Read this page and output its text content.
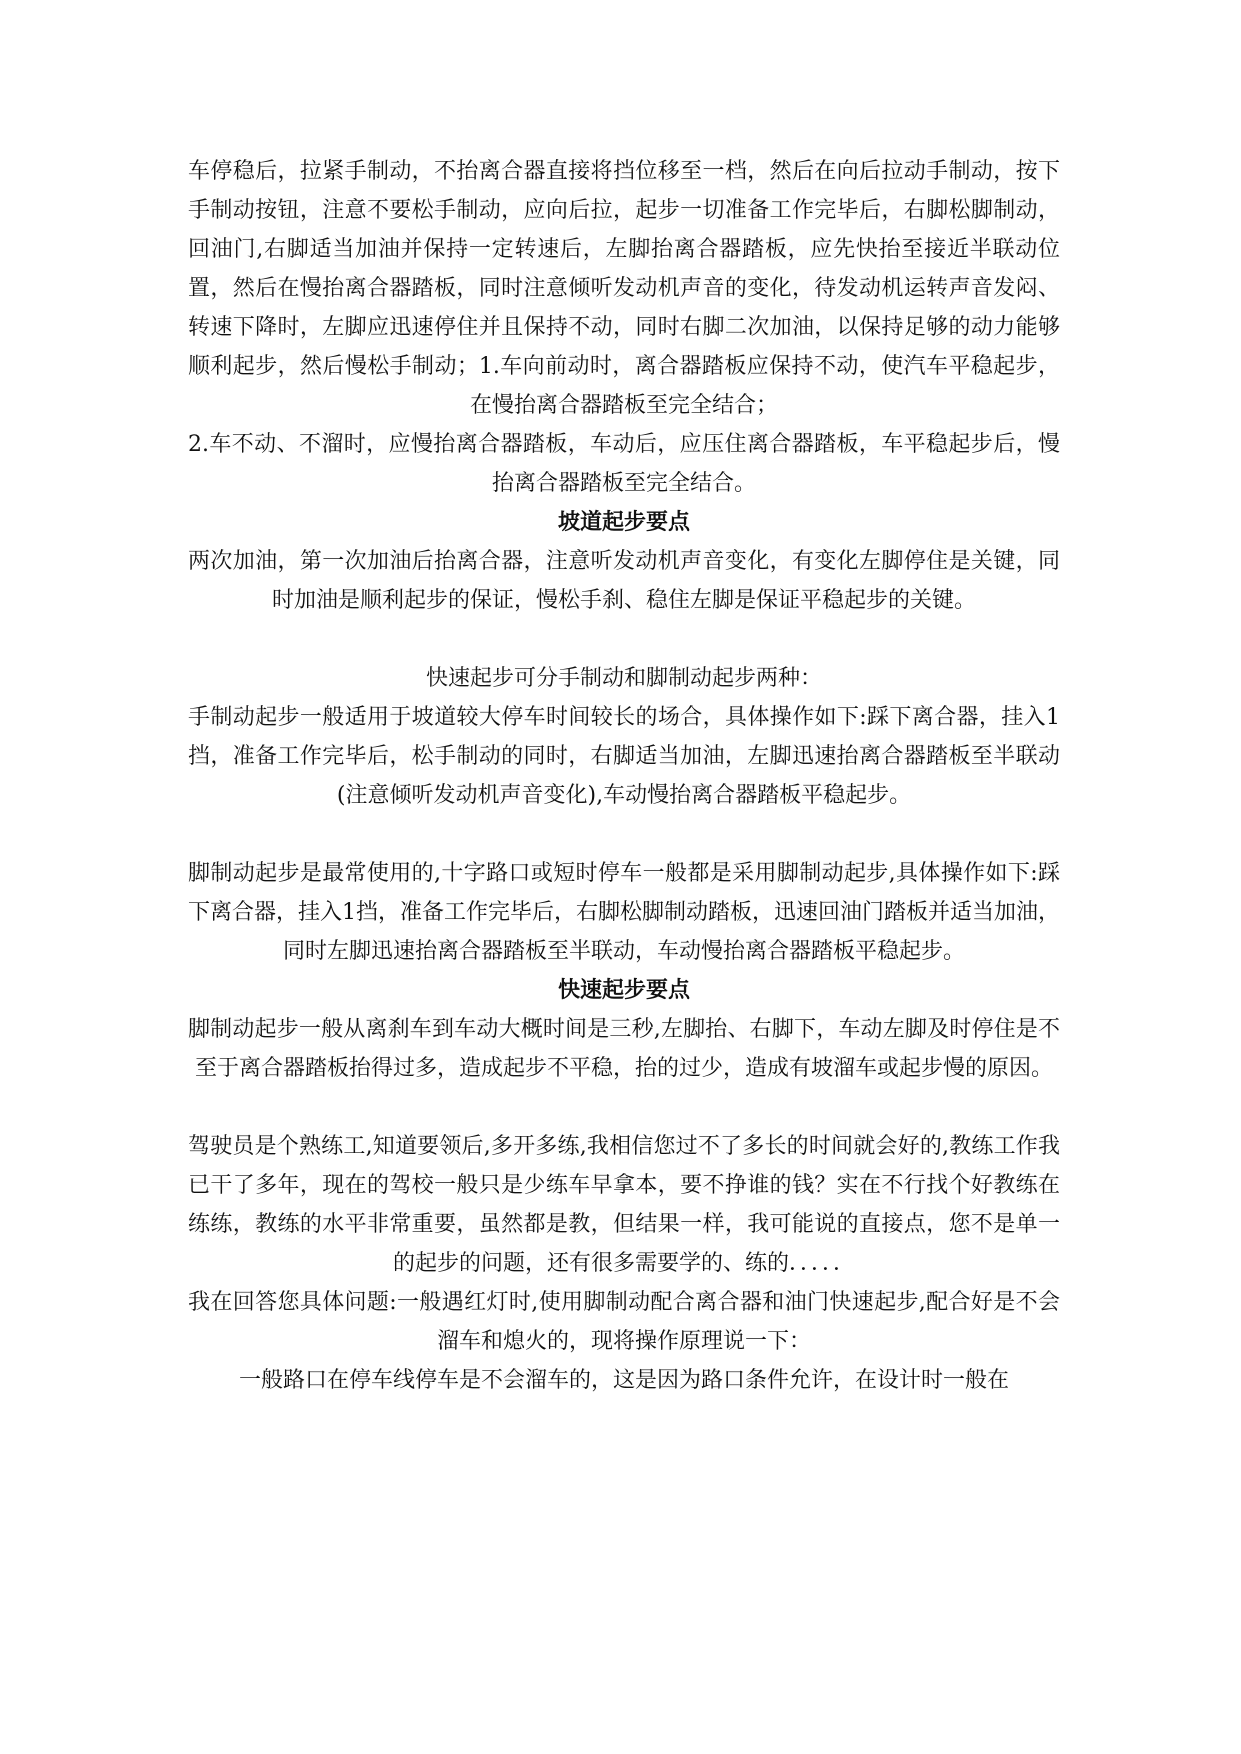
车停稳后，拉紧手制动，不抬离合器直接将挡位移至一档，然后在向后拉动手制动，按下手制动按钮，注意不要松手制动，应向后拉，起步一切准备工作完毕后，右脚松脚制动，回油门,右脚适当加油并保持一定转速后，左脚抬离合器踏板，应先快抬至接近半联动位置，然后在慢抬离合器踏板，同时注意倾听发动机声音的变化，待发动机运转声音发闷、转速下降时，左脚应迅速停住并且保持不动，同时右脚二次加油，以保持足够的动力能够顺利起步，然后慢松手制动；1.车向前动时，离合器踏板应保持不动，使汽车平稳起步，在慢抬离合器踏板至完全结合；
2.车不动、不溜时，应慢抬离合器踏板，车动后，应压住离合器踏板，车平稳起步后，慢抬离合器踏板至完全结合。
坡道起步要点
两次加油，第一次加油后抬离合器，注意听发动机声音变化，有变化左脚停住是关键，同时加油是顺利起步的保证，慢松手刹、稳住左脚是保证平稳起步的关键。
快速起步可分手制动和脚制动起步两种：
手制动起步一般适用于坡道较大停车时间较长的场合，具体操作如下:踩下离合器，挂入1挡，准备工作完毕后，松手制动的同时，右脚适当加油，左脚迅速抬离合器踏板至半联动(注意倾听发动机声音变化),车动慢抬离合器踏板平稳起步。
脚制动起步是最常使用的,十字路口或短时停车一般都是采用脚制动起步,具体操作如下:踩下离合器，挂入1挡，准备工作完毕后，右脚松脚制动踏板，迅速回油门踏板并适当加油，同时左脚迅速抬离合器踏板至半联动，车动慢抬离合器踏板平稳起步。
快速起步要点
脚制动起步一般从离刹车到车动大概时间是三秒,左脚抬、右脚下，车动左脚及时停住是不至于离合器踏板抬得过多，造成起步不平稳，抬的过少，造成有坡溜车或起步慢的原因。
驾驶员是个熟练工,知道要领后,多开多练,我相信您过不了多长的时间就会好的,教练工作我已干了多年，现在的驾校一般只是少练车早拿本，要不挣谁的钱？实在不行找个好教练在练练，教练的水平非常重要，虽然都是教，但结果一样，我可能说的直接点，您不是单一的起步的问题，还有很多需要学的、练的．．．．．
我在回答您具体问题:一般遇红灯时,使用脚制动配合离合器和油门快速起步,配合好是不会溜车和熄火的，现将操作原理说一下：
一般路口在停车线停车是不会溜车的，这是因为路口条件允许，在设计时一般在
